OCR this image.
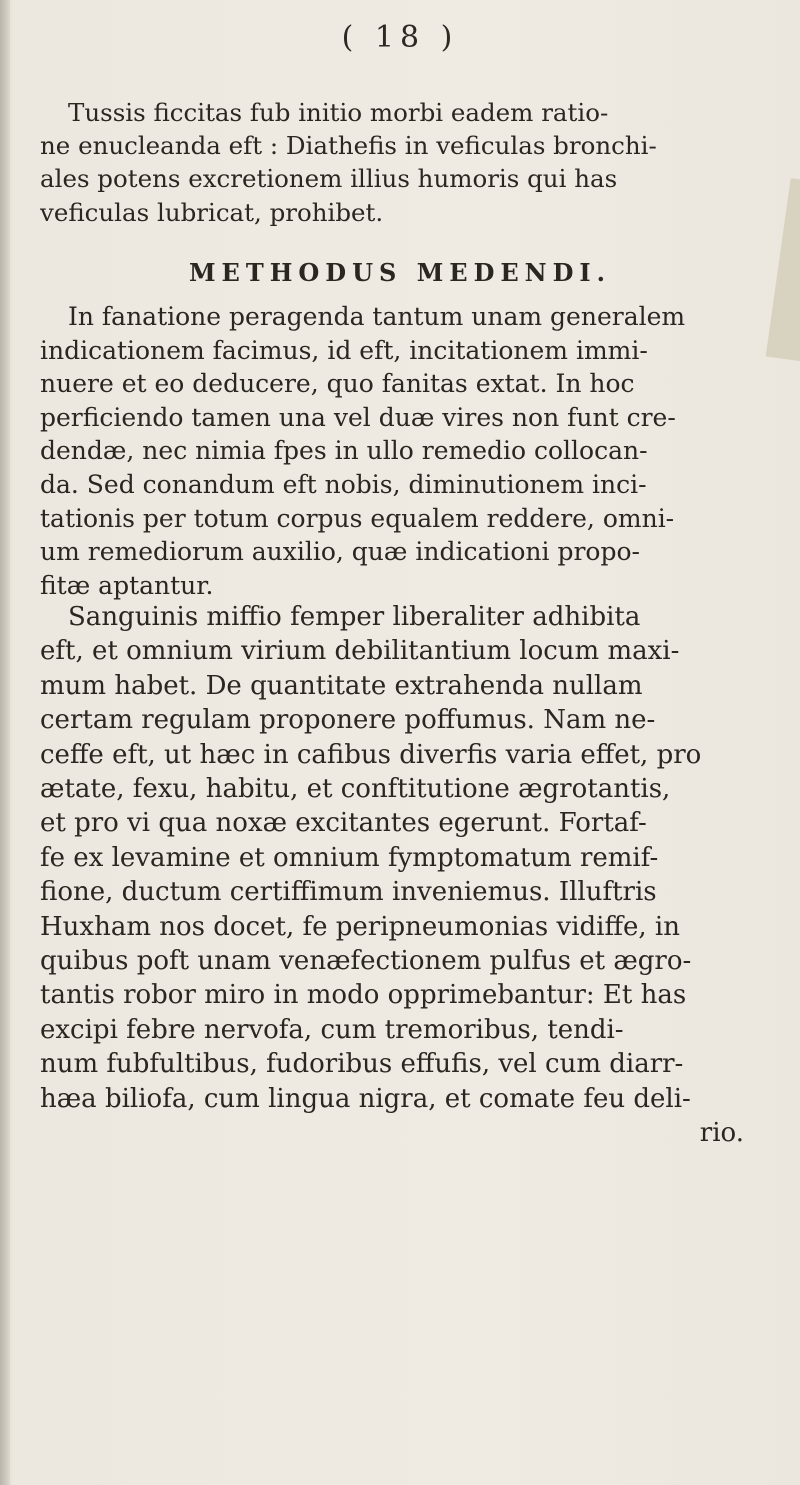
( 18 )
Tussis ficcitas fub initio morbi eadem ratio-
ne enucleanda eft : Diathefis in veficulas bronchi-
ales potens excretionem illius humoris qui has
veficulas lubricat, prohibet.
METHODUS MEDENDI.
In fanatione peragenda tantum unam generalem
indicationem facimus, id eft, incitationem immi-
nuere et eo deducere, quo fanitas extat. In hoc
perficiendo tamen una vel duæ vires non funt cre-
dendæ, nec nimia fpes in ullo remedio collocan-
da. Sed conandum eft nobis, diminutionem inci-
tationis per totum corpus equalem reddere, omni-
um remediorum auxilio, quæ indicationi propo-
fitæ aptantur.
Sanguinis miffio femper liberaliter adhibita
eft, et omnium virium debilitantium locum maxi-
mum habet. De quantitate extrahenda nullam
certam regulam proponere poffumus. Nam ne-
ceffe eft, ut hæc in cafibus diverfis varia effet, pro
ætate, fexu, habitu, et conftitutione ægrotantis,
et pro vi qua noxæ excitantes egerunt. Fortaf-
fe ex levamine et omnium fymptomatum remif-
fione, ductum certiffimum inveniemus. Illuftris
Huxham nos docet, fe peripneumonias vidiffe, in
quibus poft unam venæfectionem pulfus et ægro-
tantis robor miro in modo opprimebantur: Et has
excipi febre nervofa, cum tremoribus, tendi-
num fubfultibus, fudoribus effufis, vel cum diarr-
hæa biliofa, cum lingua nigra, et comate feu deli-
rio.
